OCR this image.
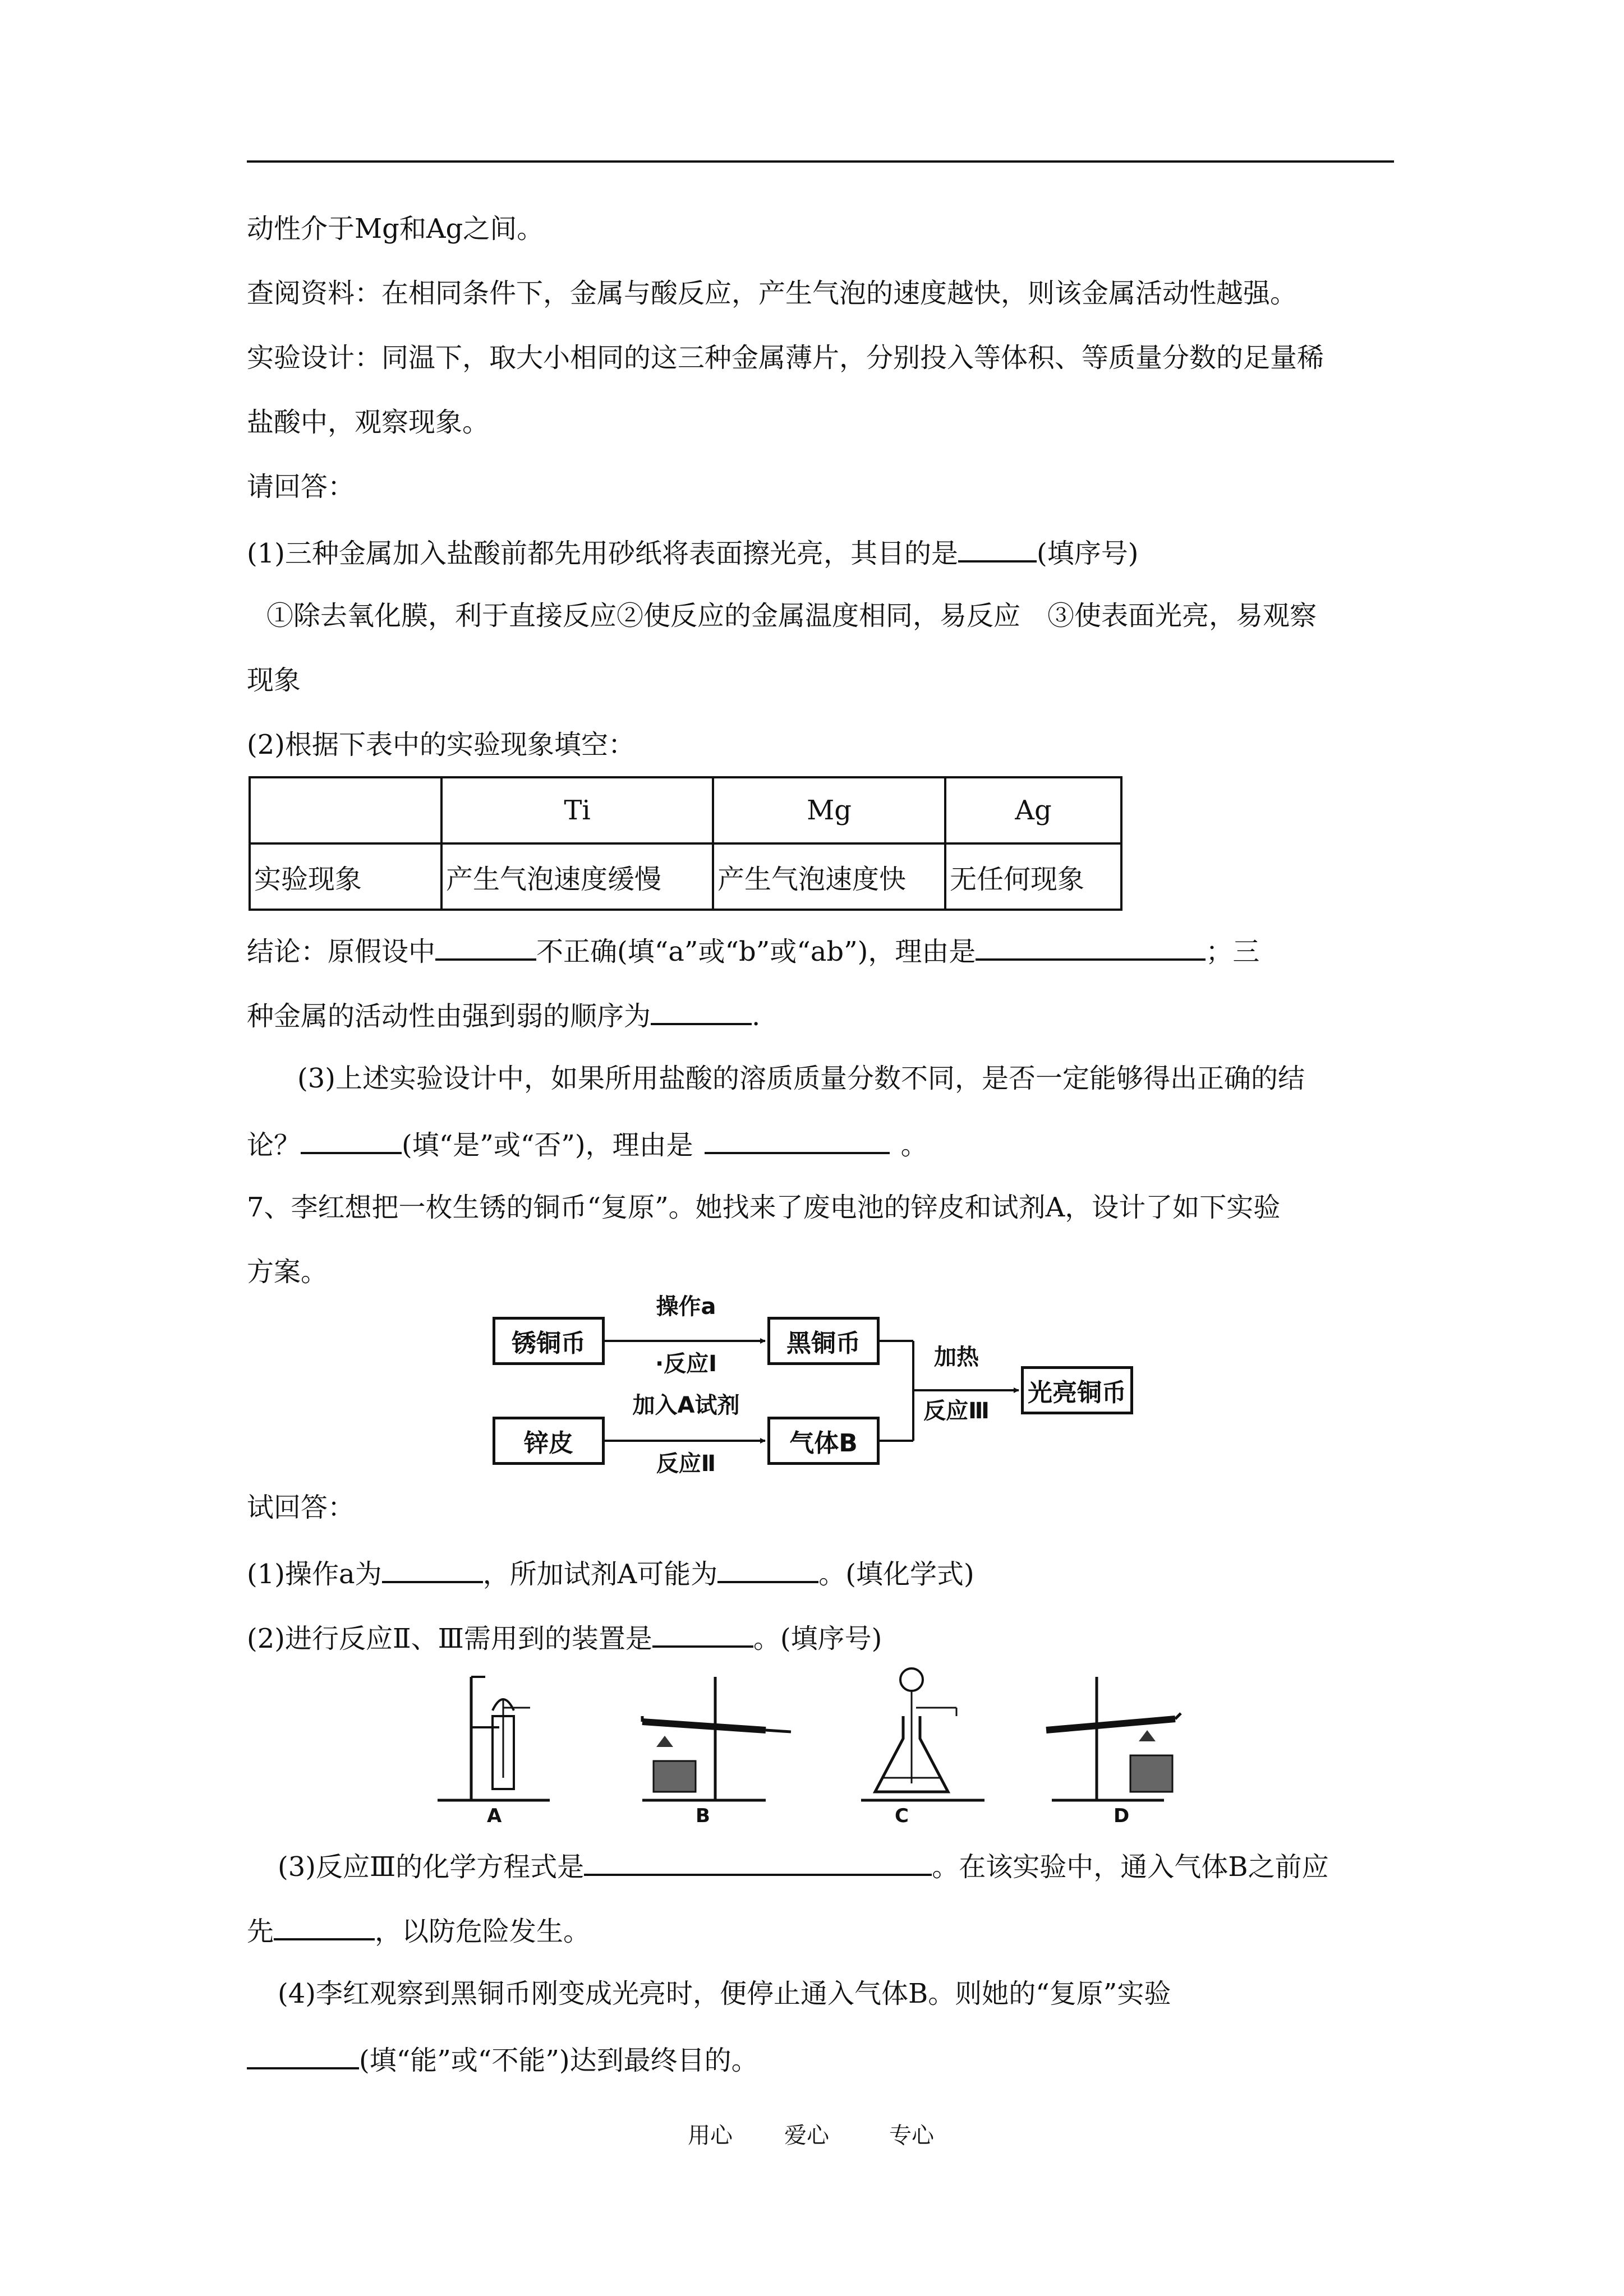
动性介于Mg和Ag之间。
查阅资料：在相同条件下，金属与酸反应，产生气泡的速度越快，则该金属活动性越强。
实验设计：同温下，取大小相同的这三种金属薄片，分别投入等体积、等质量分数的足量稀
盐酸中，观察现象。
请回答：
(1)三种金属加入盐酸前都先用砂纸将表面擦光亮，其目的是	(填序号)
①除去氧化膜，利于直接反应②使反应的金属温度相同，易反应　③使表面光亮，易观察
现象
(2)根据下表中的实验现象填空：
	Ti	Mg	Ag
实验现象	产生气泡速度缓慢	产生气泡速度快	无任何现象
结论：原假设中	不正确(填“a”或“b”或“ab”)，理由是	；三
种金属的活动性由强到弱的顺序为	.
(3)上述实验设计中，如果所用盐酸的溶质质量分数不同，是否一定能够得出正确的结
论？	(填“是”或“否”)，理由是	。
7、李红想把一枚生锈的铜币“复原”。她找来了废电池的锌皮和试剂A，设计了如下实验
方案。
锈铜币	黑铜币
锌皮	气体B
光亮铜币
操作a
·反应Ⅰ
加入A试剂
反应Ⅱ
加热
反应Ⅲ
试回答：
(1)操作a为	，所加试剂A可能为	。(填化学式)
(2)进行反应Ⅱ、Ⅲ需用到的装置是	。(填序号)
A	B	C	D
(3)反应Ⅲ的化学方程式是	。在该实验中，通入气体B之前应
先	，以防危险发生。
(4)李红观察到黑铜币刚变成光亮时，便停止通入气体B。则她的“复原”实验
(填“能”或“不能”)达到最终目的。
用心 爱心	专心
